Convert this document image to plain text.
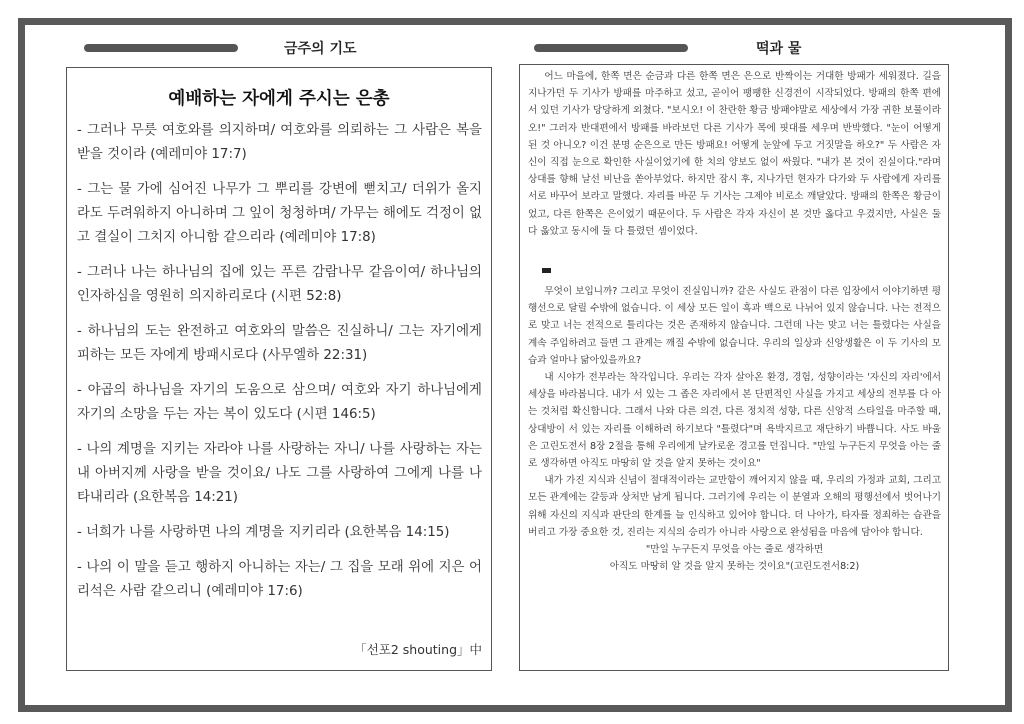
금주의 기도	떡과 물
예배하는 자에게 주시는 은총

- 그러나 무릇 여호와를 의지하며/ 여호와를 의뢰하는 그 사람은 복을 받을 것이라 (예레미야 17:7)

- 그는 물 가에 심어진 나무가 그 뿌리를 강변에 뻗치고/ 더위가 올지라도 두려워하지 아니하며 그 잎이 청청하며/ 가무는 해에도 걱정이 없고 결실이 그치지 아니함 같으리라 (예레미야 17:8)

- 그러나 나는 하나님의 집에 있는 푸른 감람나무 같음이여/ 하나님의 인자하심을 영원히 의지하리로다 (시편 52:8)

- 하나님의 도는 완전하고 여호와의 말씀은 진실하니/ 그는 자기에게 피하는 모든 자에게 방패시로다 (사무엘하 22:31)

- 야곱의 하나님을 자기의 도움으로 삼으며/ 여호와 자기 하나님에게 자기의 소망을 두는 자는 복이 있도다 (시편 146:5)

- 나의 계명을 지키는 자라야 나를 사랑하는 자니/ 나를 사랑하는 자는 내 아버지께 사랑을 받을 것이요/ 나도 그를 사랑하여 그에게 나를 나타내리라 (요한복음 14:21)

- 너희가 나를 사랑하면 나의 계명을 지키리라 (요한복음 14:15)

- 나의 이 말을 듣고 행하지 아니하는 자는/ 그 집을 모래 위에 지은 어리석은 사람 같으리니 (예레미야 17:6)

「선포2 shouting」中

어느 마을에, 한쪽 면은 순금과 다른 한쪽 면은 은으로 반짝이는 거대한 방패가 세워졌다. 길을 지나가던 두 기사가 방패를 마주하고 섰고, 곧이어 팽팽한 신경전이 시작되었다. 방패의 한쪽 편에 서 있던 기사가 당당하게 외쳤다. "보시오! 이 찬란한 황금 방패야말로 세상에서 가장 귀한 보물이라오!" 그러자 반대편에서 방패를 바라보던 다른 기사가 목에 핏대를 세우며 반박했다. "눈이 어떻게 된 것 아니오? 이건 분명 순은으로 만든 방패요! 어떻게 눈앞에 두고 거짓말을 하오?" 두 사람은 자신이 직접 눈으로 확인한 사실이었기에 한 치의 양보도 없이 싸웠다. "내가 본 것이 진실이다."라며 상대를 향해 날선 비난을 쏟아부었다. 하지만 잠시 후, 지나가던 현자가 다가와 두 사람에게 자리를 서로 바꾸어 보라고 말했다. 자리를 바꾼 두 기사는 그제야 비로소 깨달았다. 방패의 한쪽은 황금이었고, 다른 한쪽은 은이었기 때문이다. 두 사람은 각자 자신이 본 것만 옳다고 우겼지만, 사실은 둘 다 옳았고 동시에 둘 다 틀렸던 셈이었다.

무엇이 보입니까? 그리고 무엇이 진실입니까? 같은 사실도 관점이 다른 입장에서 이야기하면 평행선으로 달릴 수밖에 없습니다. 이 세상 모든 일이 흑과 백으로 나뉘어 있지 않습니다. 나는 전적으로 맞고 너는 전적으로 틀리다는 것은 존재하지 않습니다. 그런데 나는 맞고 너는 틀렸다는 사실을 계속 주입하려고 들면 그 관계는 깨질 수밖에 없습니다. 우리의 일상과 신앙생활은 이 두 기사의 모습과 얼마나 닮아있을까요?

내 시야가 전부라는 착각입니다. 우리는 각자 살아온 환경, 경험, 성향이라는 '자신의 자리'에서 세상을 바라봅니다. 내가 서 있는 그 좁은 자리에서 본 단편적인 사실을 가지고 세상의 전부를 다 아는 것처럼 확신합니다. 그래서 나와 다른 의견, 다른 정치적 성향, 다른 신앙적 스타일을 마주할 때, 상대방이 서 있는 자리를 이해하려 하기보다 "틀렸다"며 욕박지르고 재단하기 바쁩니다. 사도 바울은 고린도전서 8장 2절을 통해 우리에게 날카로운 경고를 던집니다. "만일 누구든지 무엇을 아는 줄로 생각하면 아직도 마땅히 알 것을 알지 못하는 것이요"

내가 가진 지식과 신념이 절대적이라는 교만함이 깨어지지 않을 때, 우리의 가정과 교회, 그리고 모든 관계에는 갈등과 상처만 남게 됩니다. 그러기에 우리는 이 분열과 오해의 평행선에서 벗어나기 위해 자신의 지식과 판단의 한계를 늘 인식하고 있어야 합니다. 더 나아가, 타자를 정죄하는 습관을 버리고 가장 중요한 것, 진리는 지식의 승리가 아니라 사랑으로 완성됨을 마음에 담아야 합니다.

"만일 누구든지 무엇을 아는 줄로 생각하면

아직도 마땅히 알 것을 알지 못하는 것이요"(고린도전서8:2)
